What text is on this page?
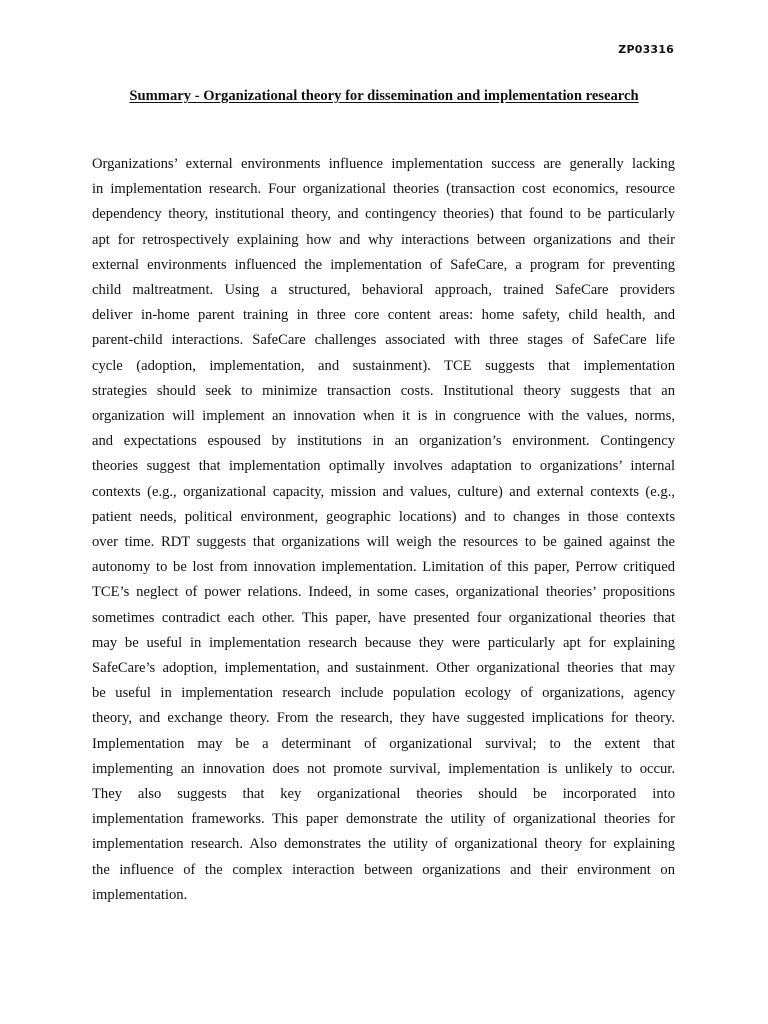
ZP03316
Summary - Organizational theory for dissemination and implementation research
Organizations’ external environments influence implementation success are generally lacking
in implementation research. Four organizational theories (transaction cost economics, resource
dependency theory, institutional theory, and contingency theories) that found to be particularly
apt for retrospectively explaining how and why interactions between organizations and their
external environments influenced the implementation of SafeCare, a program for preventing
child maltreatment. Using a structured, behavioral approach, trained SafeCare providers
deliver in-home parent training in three core content areas: home safety, child health, and
parent-child interactions. SafeCare challenges associated with three stages of SafeCare life
cycle (adoption, implementation, and sustainment). TCE suggests that implementation
strategies should seek to minimize transaction costs. Institutional theory suggests that an
organization will implement an innovation when it is in congruence with the values, norms,
and expectations espoused by institutions in an organization’s environment. Contingency
theories suggest that implementation optimally involves adaptation to organizations’ internal
contexts (e.g., organizational capacity, mission and values, culture) and external contexts (e.g.,
patient needs, political environment, geographic locations) and to changes in those contexts
over time. RDT suggests that organizations will weigh the resources to be gained against the
autonomy to be lost from innovation implementation. Limitation of this paper, Perrow critiqued
TCE’s neglect of power relations. Indeed, in some cases, organizational theories’ propositions
sometimes contradict each other. This paper, have presented four organizational theories that
may be useful in implementation research because they were particularly apt for explaining
SafeCare’s adoption, implementation, and sustainment. Other organizational theories that may
be useful in implementation research include population ecology of organizations, agency
theory, and exchange theory. From the research, they have suggested implications for theory.
Implementation may be a determinant of organizational survival; to the extent that
implementing an innovation does not promote survival, implementation is unlikely to occur.
They also suggests that key organizational theories should be incorporated into
implementation frameworks. This paper demonstrate the utility of organizational theories for
implementation research. Also demonstrates the utility of organizational theory for explaining
the influence of the complex interaction between organizations and their environment on
implementation.
